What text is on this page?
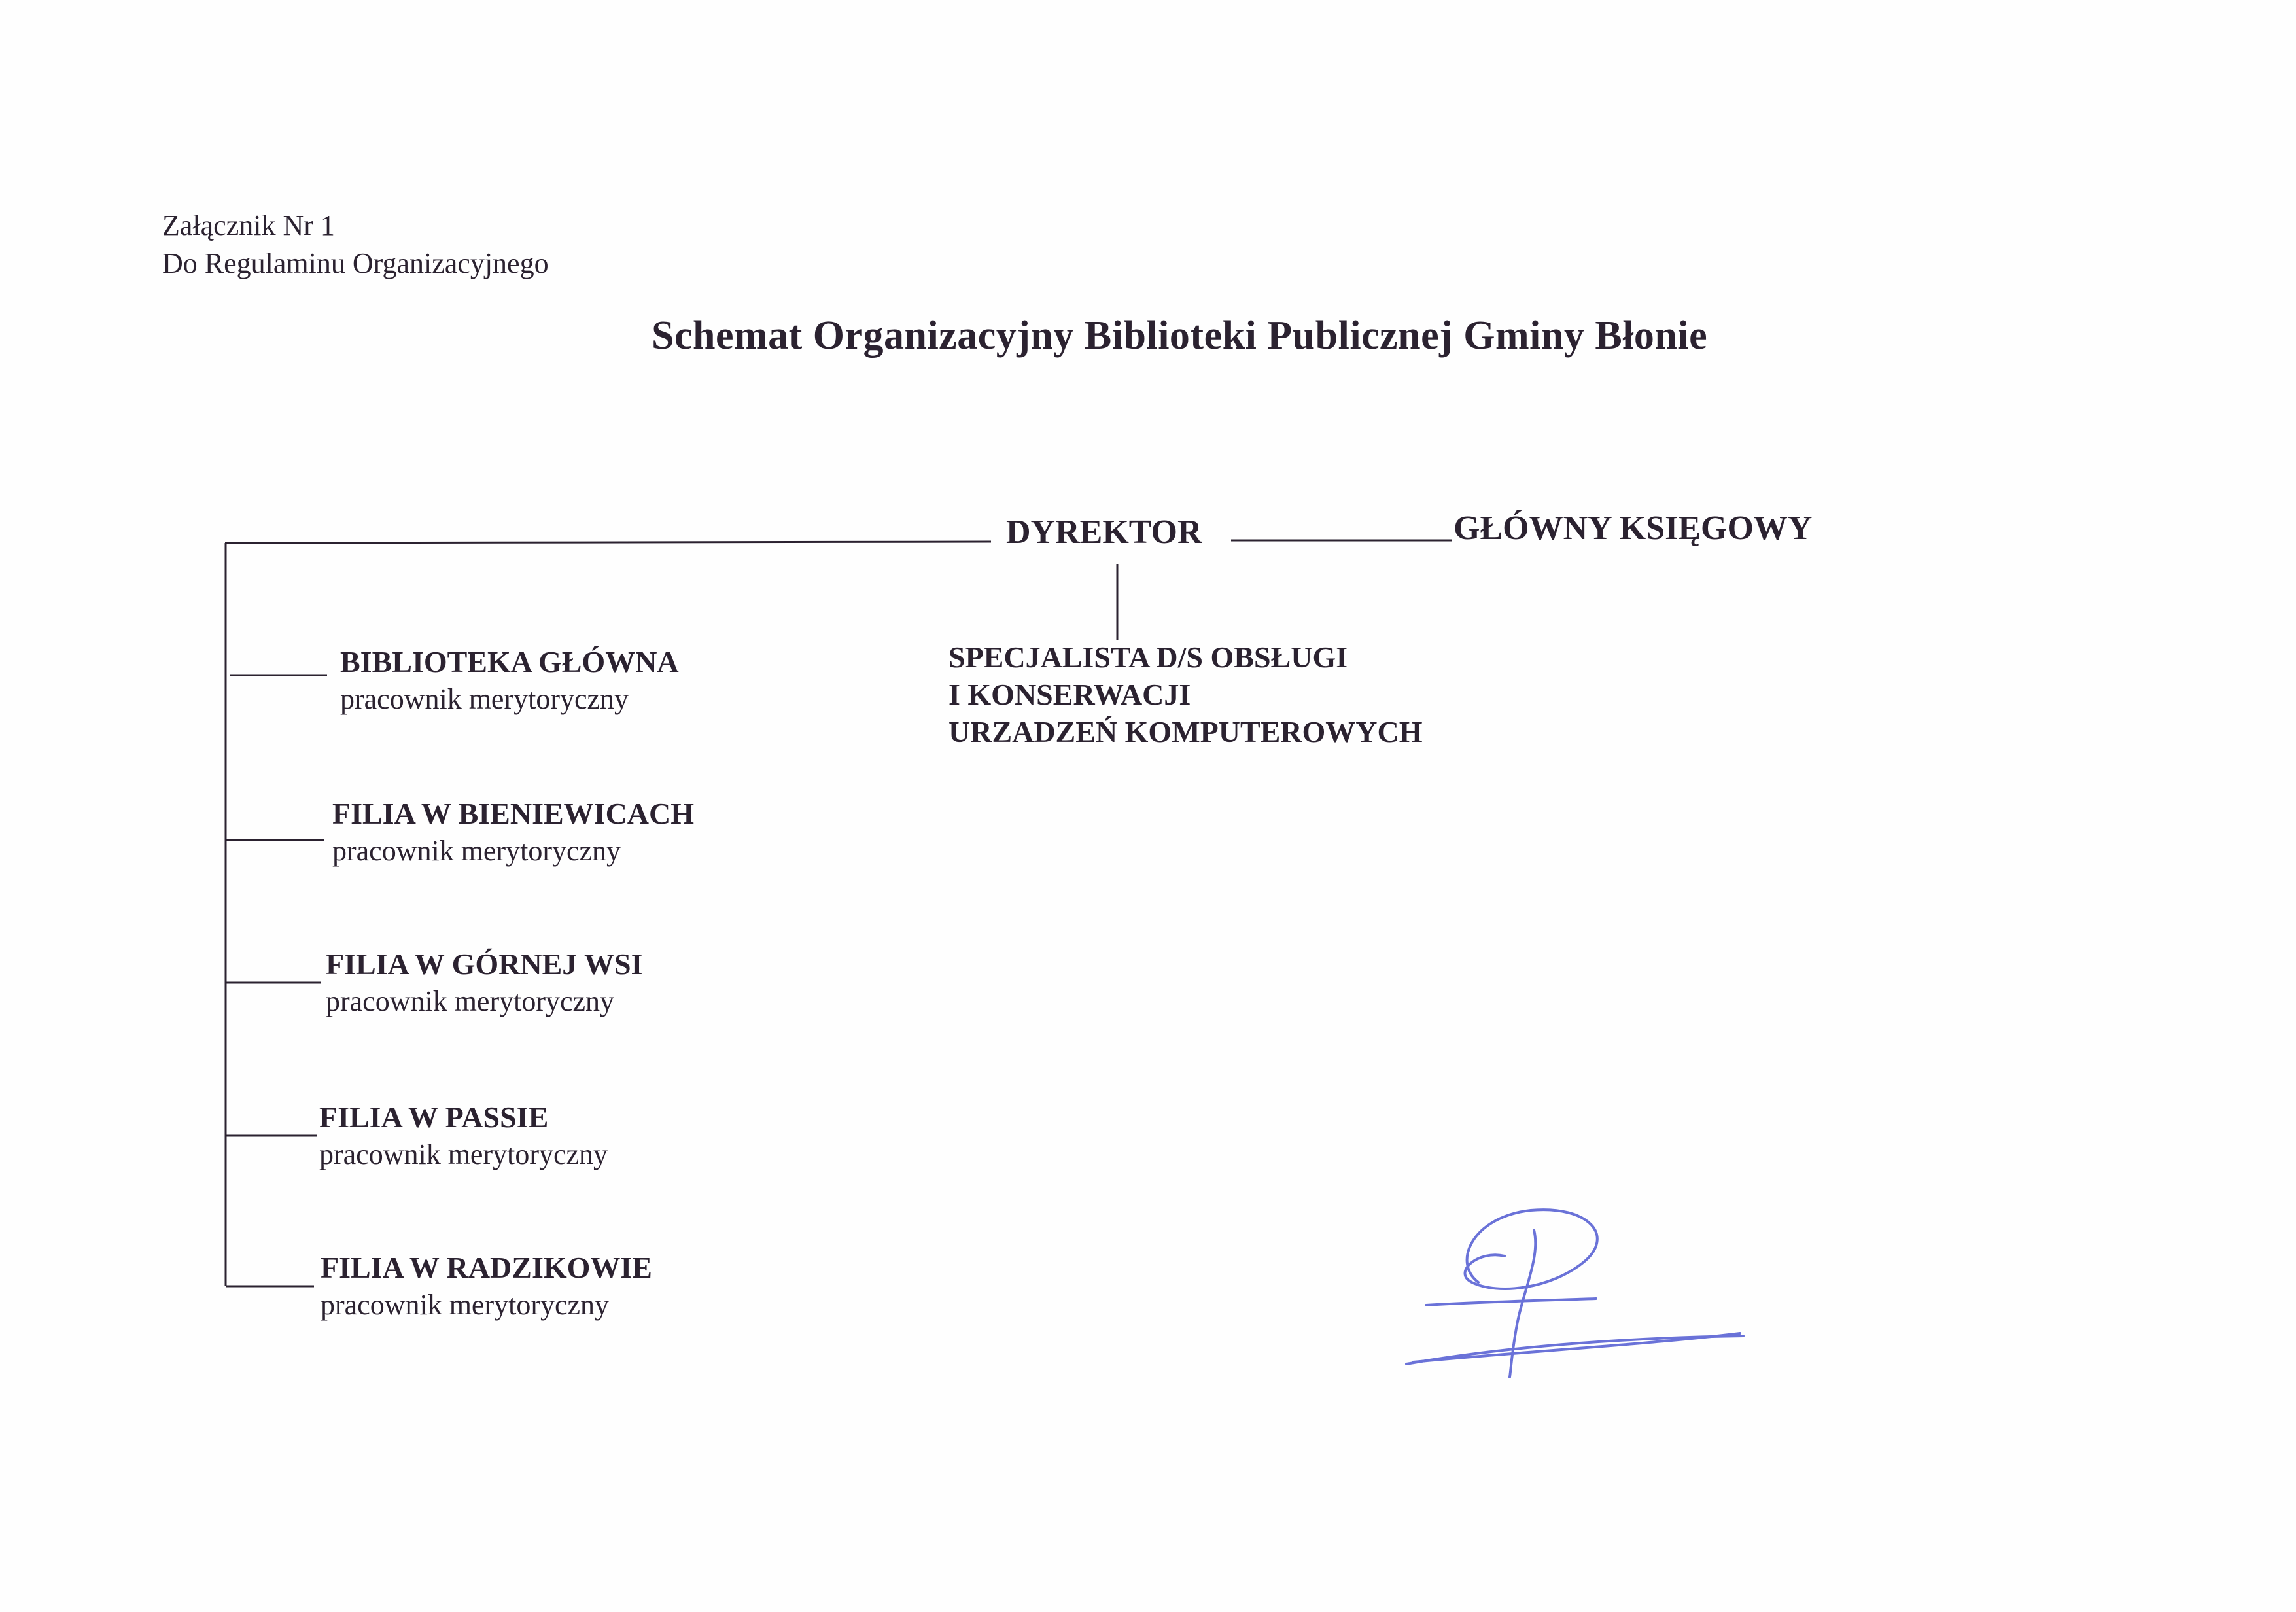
Załącznik Nr 1
Do Regulaminu Organizacyjnego
Schemat Organizacyjny Biblioteki Publicznej Gminy Błonie
DYREKTOR	GŁÓWNY KSIĘGOWY
SPECJALISTA D/S OBSŁUGI
I KONSERWACJI
URZADZEŃ KOMPUTEROWYCH
BIBLIOTEKA GŁÓWNA
pracownik merytoryczny
FILIA W BIENIEWICACH
pracownik merytoryczny
FILIA W GÓRNEJ WSI
pracownik merytoryczny
FILIA W PASSIE
pracownik merytoryczny
FILIA W RADZIKOWIE
pracownik merytoryczny
